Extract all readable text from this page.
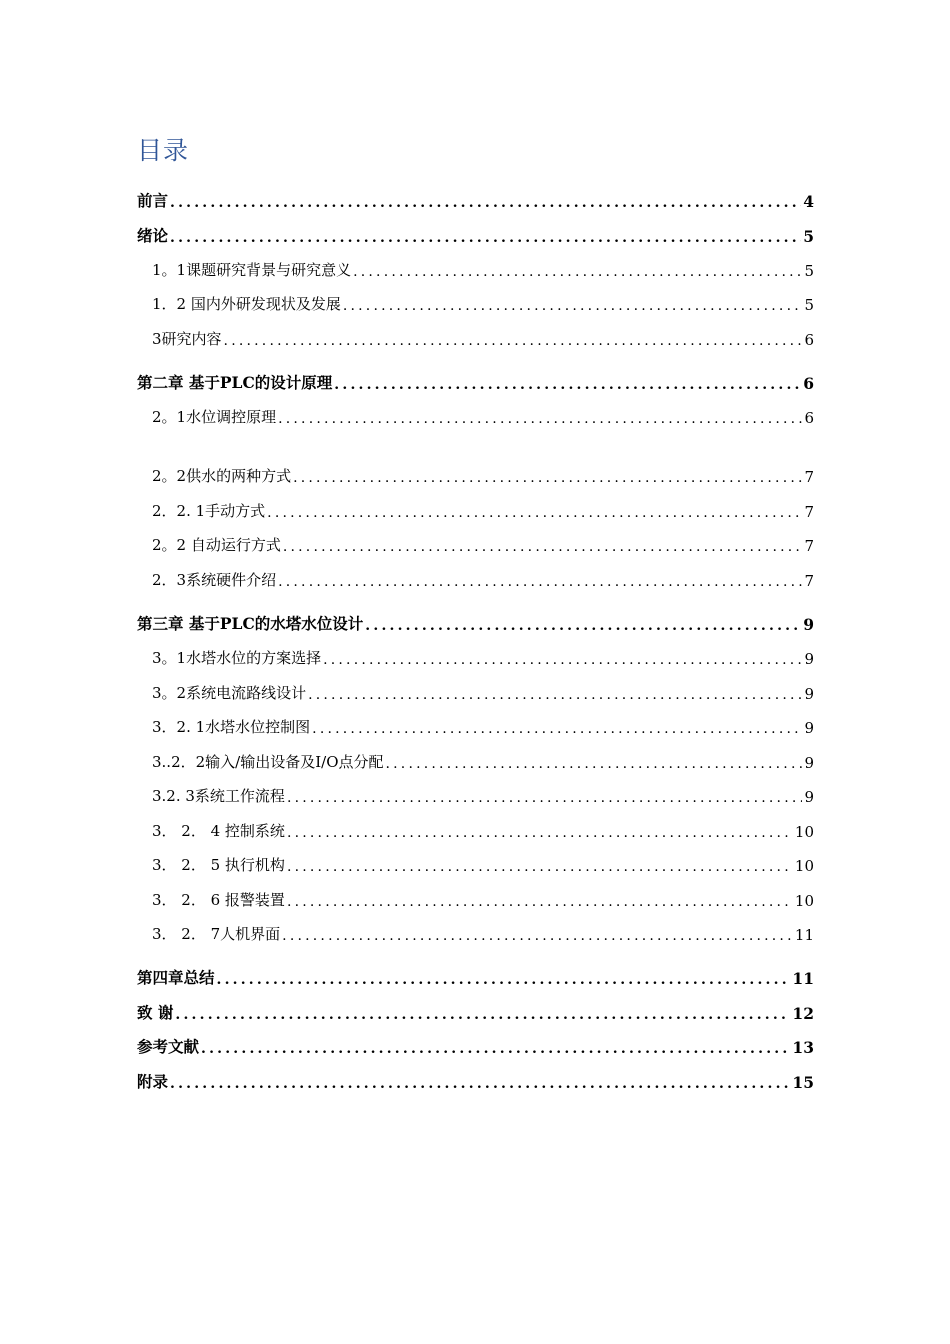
目录
前言 .....	4
绪论 .....	5
1。1课题研究背景与研究意义 .....	5
1．2 国内外研发现状及发展 .....	5
3研究内容 .....	6
第二章 基于PLC的设计原理 .....	6
2。1水位调控原理 .....	6
2。2供水的两种方式 .....	7
2．2. 1手动方式 .....	7
2。2 自动运行方式 .....	7
2．3系统硬件介绍 .....	7
第三章 基于PLC的水塔水位设计 .....	9
3。1水塔水位的方案选择 .....	9
3。2系统电流路线设计 .....	9
3．2. 1水塔水位控制图 .....	9
3..2．2输入/输出设备及I/O点分配 .....	9
3.2. 3系统工作流程 .....	9
3． 2． 4 控制系统 .....	10
3． 2． 5 执行机构 .....	10
3． 2． 6 报警装置 .....	10
3． 2． 7人机界面 .....	11
第四章总结 .....	11
致 谢 .....	12
参考文献 .....	13
附录 .....	15
